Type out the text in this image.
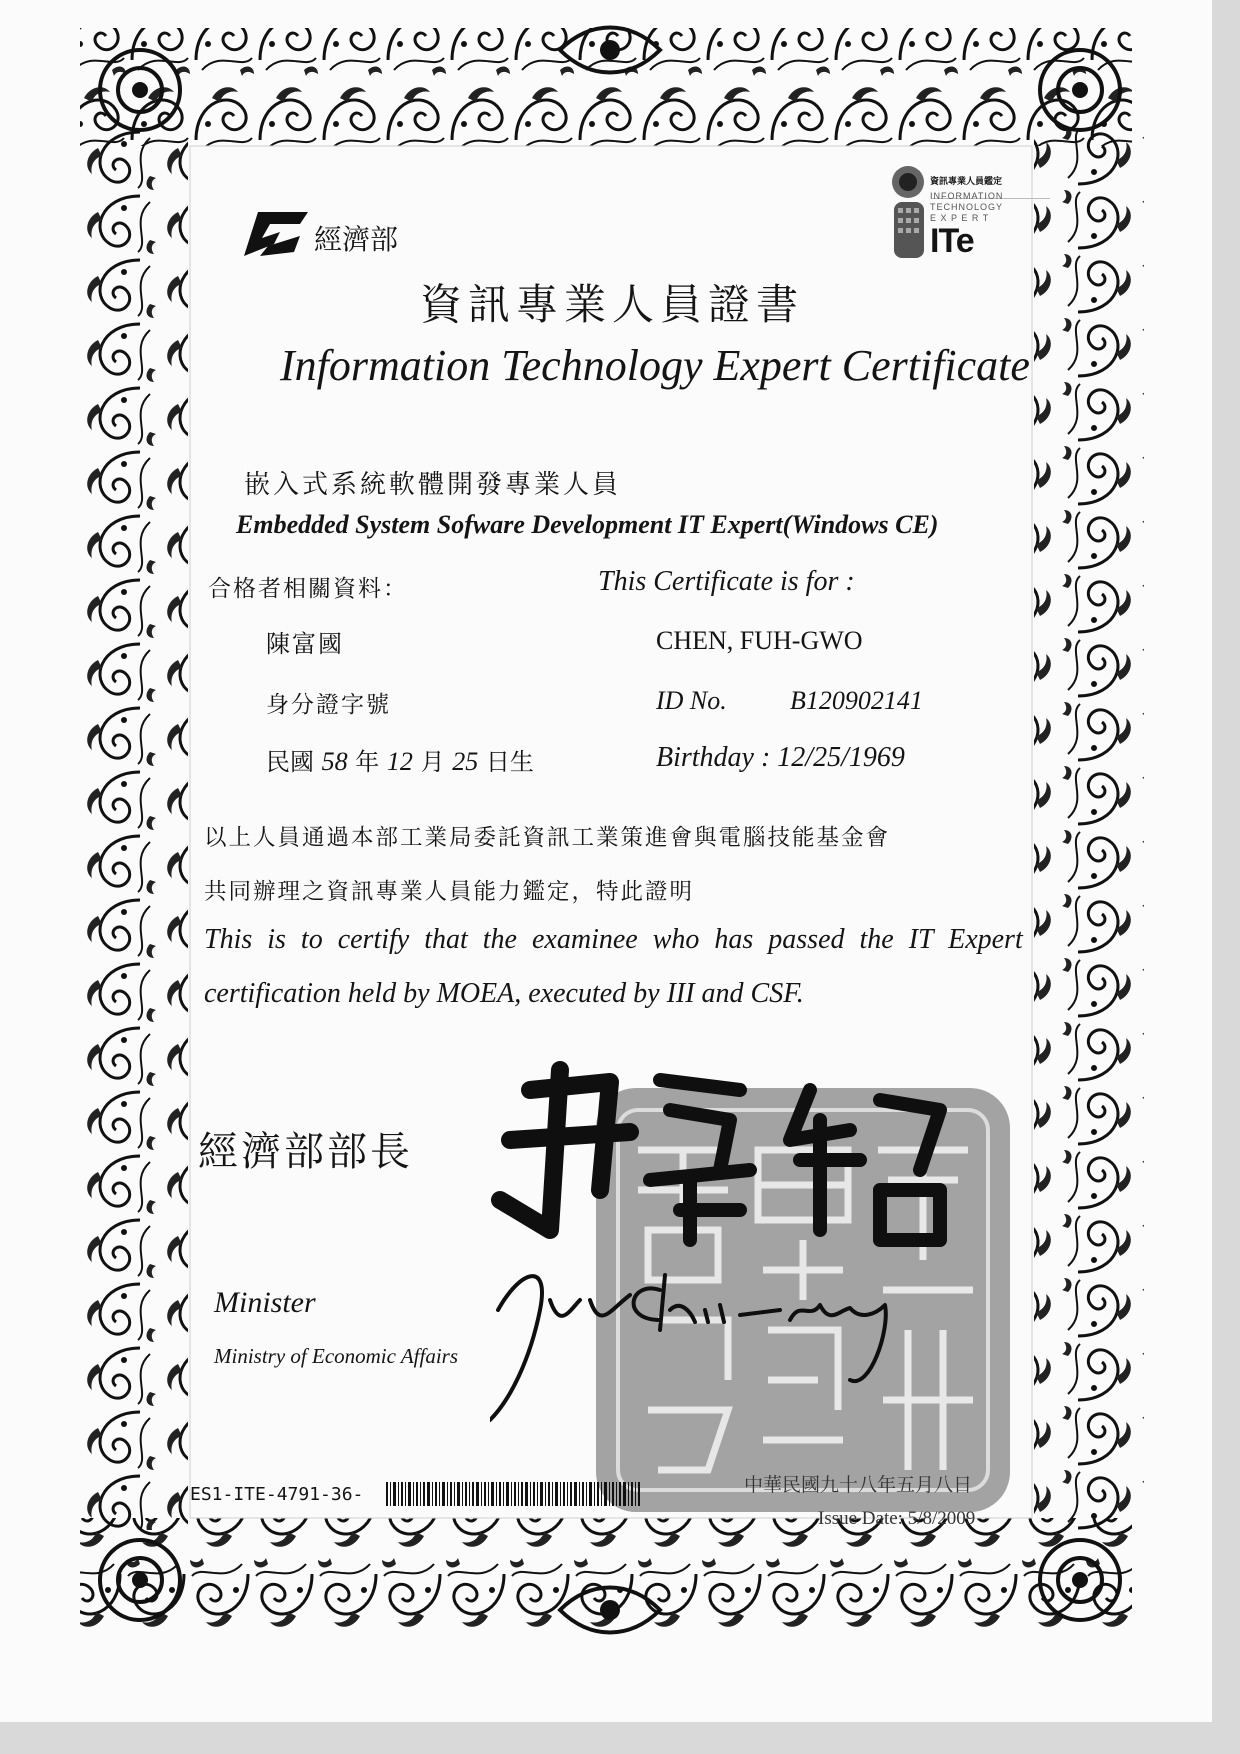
經濟部
資訊專業人員鑑定
INFORMATION
TECHNOLOGY
E X P E R T
ITe
資訊專業人員證書
Information Technology Expert Certificate
嵌入式系統軟體開發專業人員
Embedded System Sofware Development IT Expert(Windows CE)
合格者相關資料：	This Certificate is for :
陳富國	CHEN, FUH-GWO
身分證字號	ID No. B120902141
民國 58 年 12 月 25 日生	Birthday : 12/25/1969
以上人員通過本部工業局委託資訊工業策進會與電腦技能基金會
共同辦理之資訊專業人員能力鑑定，特此證明
This is to certify that the examinee who has passed the IT Expert
certification held by MOEA, executed by III and CSF.
經濟部部長
Minister
Ministry of Economic Affairs
ES1-ITE-4791-36-	中華民國九十八年五月八日
Issue Date: 5/8/2009
